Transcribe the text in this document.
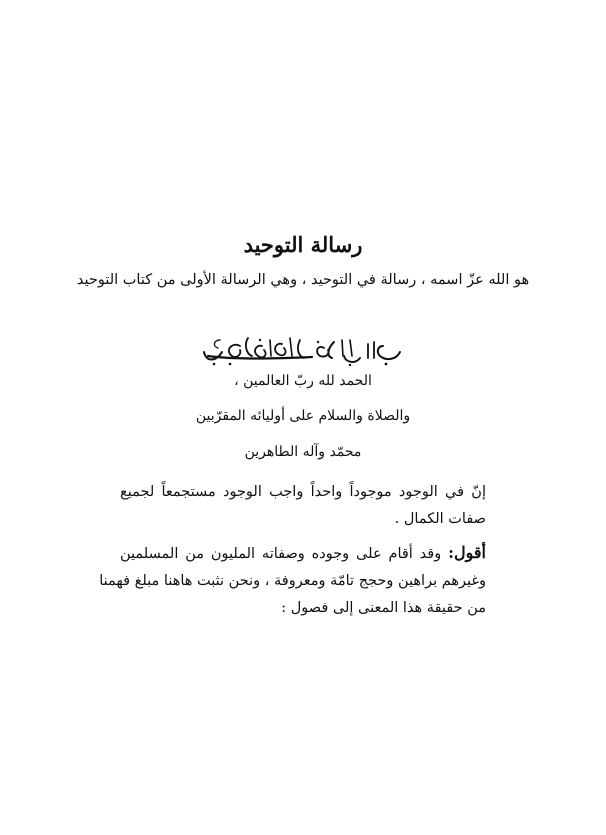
رسالة التوحيد
هو الله عزّ اسمه ، رسالة في التوحيد ، وهي الرسالة الأولى من كتاب التوحيد
الحمد لله ربّ العالمين ،
والصلاة والسلام على أوليائه المقرّبين
محمّد وآله الطاهرين
إنّ في الوجود موجوداً واحداً واجب الوجود مستجمعاً لجميع
صفات الكمال .
أقول: وقد أقام على وجوده وصفاته المليون من المسلمين
وغيرهم براهين وحجج تامّة ومعروفة ، ونحن نثبت هاهنا مبلغ فهمنا
من حقيقة هذا المعنى إلى فصول :
